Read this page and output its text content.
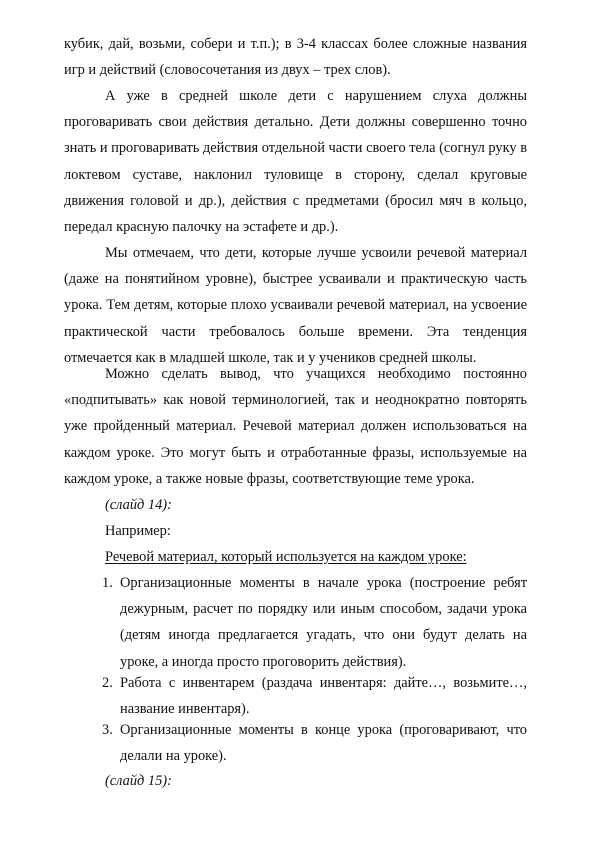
кубик, дай, возьми, собери и т.п.); в 3-4 классах более сложные названия игр и действий (словосочетания из двух – трех слов).

А уже в средней школе дети с нарушением слуха должны проговаривать свои действия детально. Дети должны совершенно точно знать и проговаривать действия отдельной части своего тела (согнул руку в локтевом суставе, наклонил туловище в сторону, сделал круговые движения головой и др.), действия с предметами (бросил мяч в кольцо, передал красную палочку на эстафете и др.).

Мы отмечаем, что дети, которые лучше усвоили речевой материал (даже на понятийном уровне), быстрее усваивали и практическую часть урока. Тем детям, которые плохо усваивали речевой материал, на усвоение практической части требовалось больше времени. Эта тенденция отмечается как в младшей школе, так и у учеников средней школы.

Можно сделать вывод, что учащихся необходимо постоянно «подпитывать» как новой терминологией, так и неоднократно повторять уже пройденный материал. Речевой материал должен использоваться на каждом уроке. Это могут быть и отработанные фразы, используемые на каждом уроке, а также новые фразы, соответствующие теме урока.

(слайд 14):

Например:

Речевой материал, который используется на каждом уроке:

1. Организационные моменты в начале урока (построение ребят дежурным, расчет по порядку или иным способом, задачи урока (детям иногда предлагается угадать, что они будут делать на уроке, а иногда просто проговорить действия).

2. Работа с инвентарем (раздача инвентаря: дайте…, возьмите…, название инвентаря).

3. Организационные моменты в конце урока (проговаривают, что делали на уроке).

(слайд 15):
